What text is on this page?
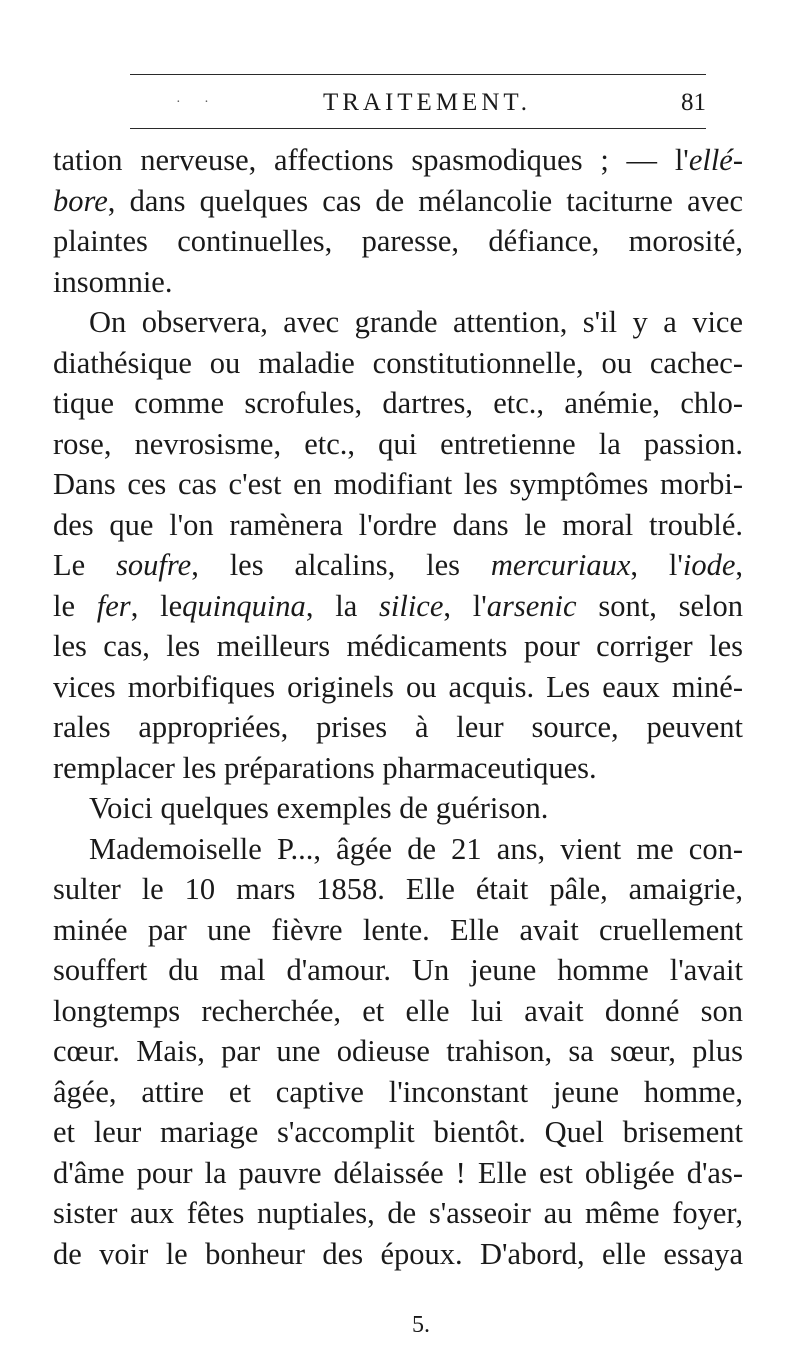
· ·	TRAITEMENT.	81
tation nerveuse, affections spasmodiques ; — l'ellé-
bore, dans quelques cas de mélancolie taciturne avec
plaintes continuelles, paresse, défiance, morosité,
insomnie.
On observera, avec grande attention, s'il y a vice
diathésique ou maladie constitutionnelle, ou cachec-
tique comme scrofules, dartres, etc., anémie, chlo-
rose, nevrosisme, etc., qui entretienne la passion.
Dans ces cas c'est en modifiant les symptômes morbi-
des que l'on ramènera l'ordre dans le moral troublé.
Le soufre, les alcalins, les mercuriaux, l'iode,
le fer, lequinquina, la silice, l'arsenic sont, selon
les cas, les meilleurs médicaments pour corriger les
vices morbifiques originels ou acquis. Les eaux miné-
rales appropriées, prises à leur source, peuvent
remplacer les préparations pharmaceutiques.
Voici quelques exemples de guérison.
Mademoiselle P..., âgée de 21 ans, vient me con-
sulter le 10 mars 1858. Elle était pâle, amaigrie,
minée par une fièvre lente. Elle avait cruellement
souffert du mal d'amour. Un jeune homme l'avait
longtemps recherchée, et elle lui avait donné son
cœur. Mais, par une odieuse trahison, sa sœur, plus
âgée, attire et captive l'inconstant jeune homme,
et leur mariage s'accomplit bientôt. Quel brisement
d'âme pour la pauvre délaissée ! Elle est obligée d'as-
sister aux fêtes nuptiales, de s'asseoir au même foyer,
de voir le bonheur des époux. D'abord, elle essaya
5.
